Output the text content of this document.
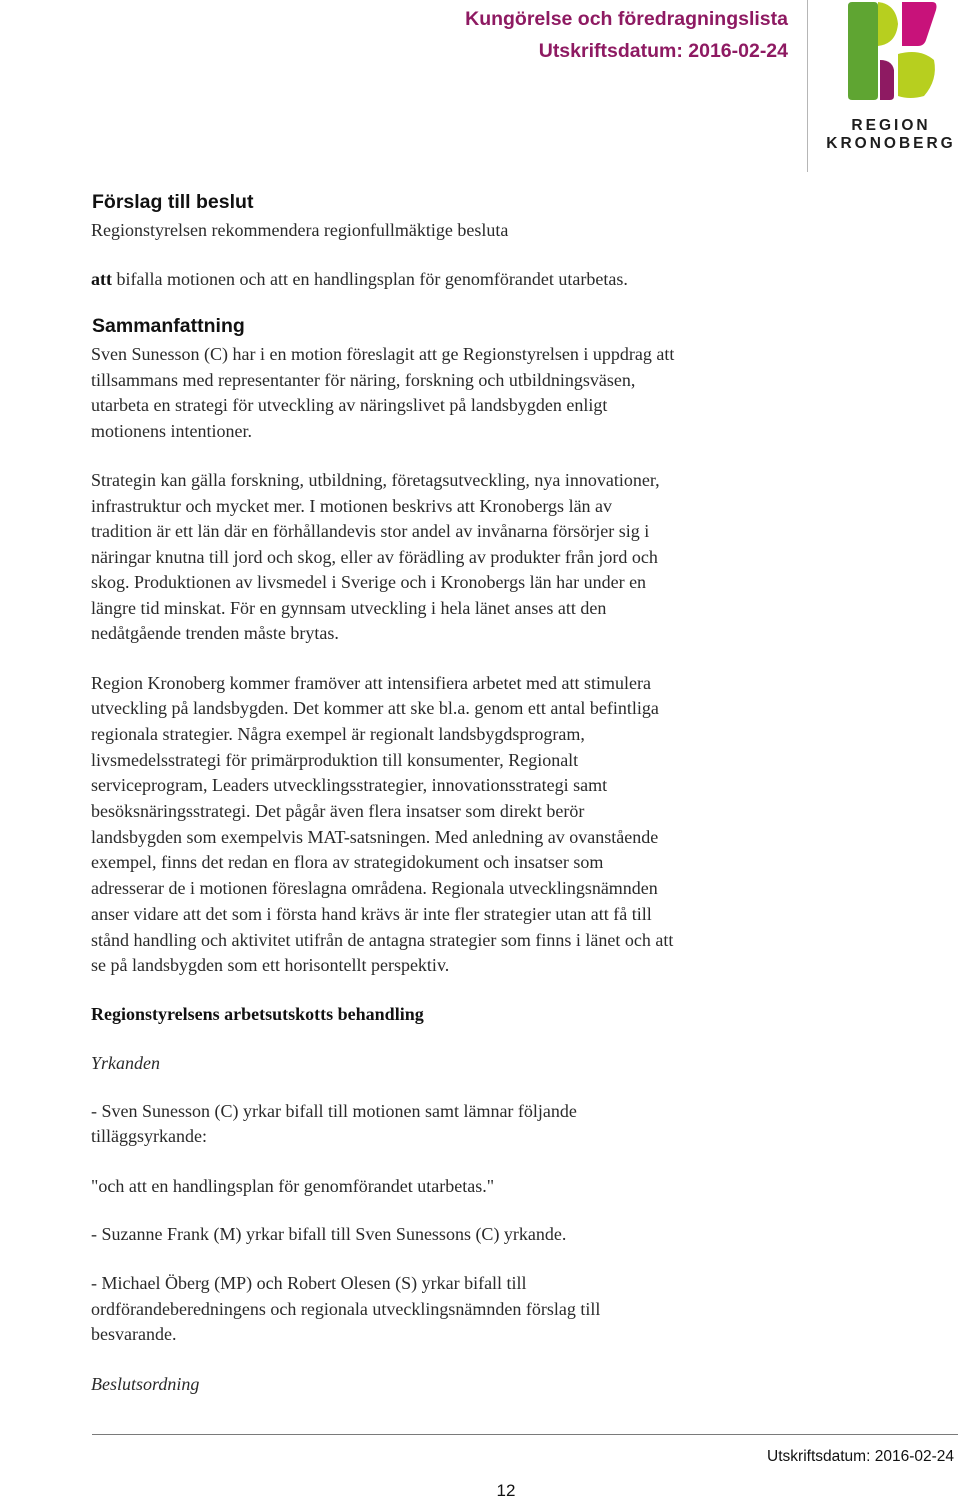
Kungörelse och föredragningslista
Utskriftsdatum: 2016-02-24
REGION
KRONOBERG
Förslag till beslut
Regionstyrelsen rekommendera regionfullmäktige besluta
att bifalla motionen och att en handlingsplan för genomförandet utarbetas.
Sammanfattning
Sven Sunesson (C) har i en motion föreslagit att ge Regionstyrelsen i uppdrag att
tillsammans med representanter för näring, forskning och utbildningsväsen,
utarbeta en strategi för utveckling av näringslivet på landsbygden enligt
motionens intentioner.
Strategin kan gälla forskning, utbildning, företagsutveckling, nya innovationer,
infrastruktur och mycket mer. I motionen beskrivs att Kronobergs län av
tradition är ett län där en förhållandevis stor andel av invånarna försörjer sig i
näringar knutna till jord och skog, eller av förädling av produkter från jord och
skog. Produktionen av livsmedel i Sverige och i Kronobergs län har under en
längre tid minskat. För en gynnsam utveckling i hela länet anses att den
nedåtgående trenden måste brytas.
Region Kronoberg kommer framöver att intensifiera arbetet med att stimulera
utveckling på landsbygden. Det kommer att ske bl.a. genom ett antal befintliga
regionala strategier. Några exempel är regionalt landsbygdsprogram,
livsmedelsstrategi för primärproduktion till konsumenter, Regionalt
serviceprogram, Leaders utvecklingsstrategier, innovationsstrategi samt
besöksnäringsstrategi. Det pågår även flera insatser som direkt berör
landsbygden som exempelvis MAT-satsningen. Med anledning av ovanstående
exempel, finns det redan en flora av strategidokument och insatser som
adresserar de i motionen föreslagna områdena. Regionala utvecklingsnämnden
anser vidare att det som i första hand krävs är inte fler strategier utan att få till
stånd handling och aktivitet utifrån de antagna strategier som finns i länet och att
se på landsbygden som ett horisontellt perspektiv.
Regionstyrelsens arbetsutskotts behandling
Yrkanden
- Sven Sunesson (C) yrkar bifall till motionen samt lämnar följande
tilläggsyrkande:
"och att en handlingsplan för genomförandet utarbetas."
- Suzanne Frank (M) yrkar bifall till Sven Sunessons (C) yrkande.
- Michael Öberg (MP) och Robert Olesen (S) yrkar bifall till
ordförandeberedningens och regionala utvecklingsnämnden förslag till
besvarande.
Beslutsordning
Utskriftsdatum: 2016-02-24
12
